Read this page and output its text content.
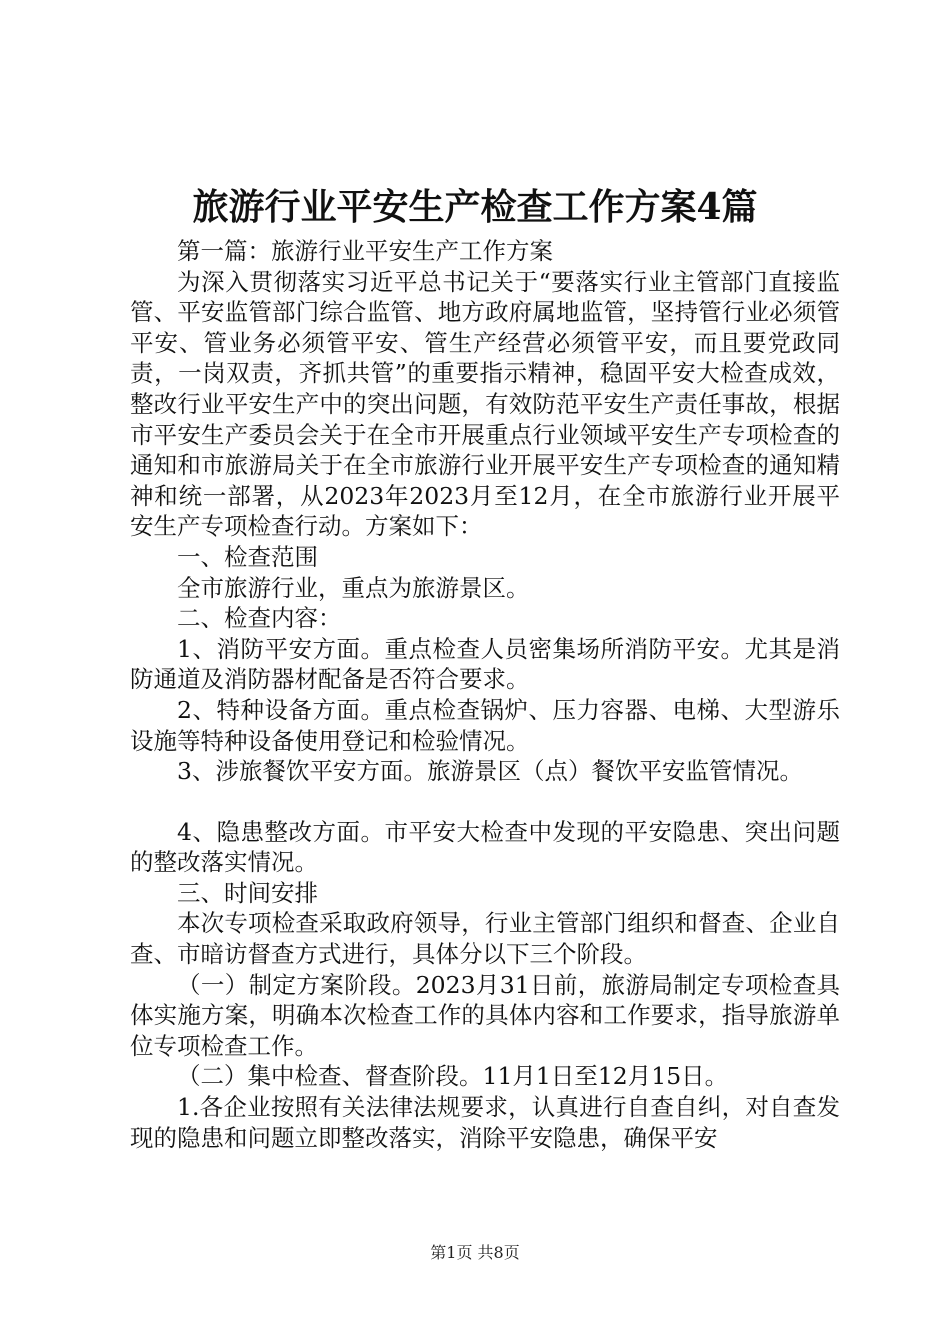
旅游行业平安生产检查工作方案4篇

第一篇：旅游行业平安生产工作方案

为深入贯彻落实习近平总书记关于“要落实行业主管部门直接监管、平安监管部门综合监管、地方政府属地监管，坚持管行业必须管平安、管业务必须管平安、管生产经营必须管平安，而且要党政同责，一岗双责，齐抓共管”的重要指示精神，稳固平安大检查成效，整改行业平安生产中的突出问题，有效防范平安生产责任事故，根据市平安生产委员会关于在全市开展重点行业领域平安生产专项检查的通知和市旅游局关于在全市旅游行业开展平安生产专项检查的通知精神和统一部署，从2023年2023月至12月，在全市旅游行业开展平安生产专项检查行动。方案如下：

一、检查范围

全市旅游行业，重点为旅游景区。

二、检查内容：

1、消防平安方面。重点检查人员密集场所消防平安。尤其是消防通道及消防器材配备是否符合要求。

2、特种设备方面。重点检查锅炉、压力容器、电梯、大型游乐设施等特种设备使用登记和检验情况。

3、涉旅餐饮平安方面。旅游景区（点）餐饮平安监管情况。

4、隐患整改方面。市平安大检查中发现的平安隐患、突出问题的整改落实情况。

三、时间安排

本次专项检查采取政府领导，行业主管部门组织和督查、企业自查、市暗访督查方式进行，具体分以下三个阶段。

（一）制定方案阶段。2023月31日前，旅游局制定专项检查具体实施方案，明确本次检查工作的具体内容和工作要求，指导旅游单位专项检查工作。

（二）集中检查、督查阶段。11月1日至12月15日。

1.各企业按照有关法律法规要求，认真进行自查自纠，对自查发现的隐患和问题立即整改落实，消除平安隐患，确保平安

第1页 共8页
